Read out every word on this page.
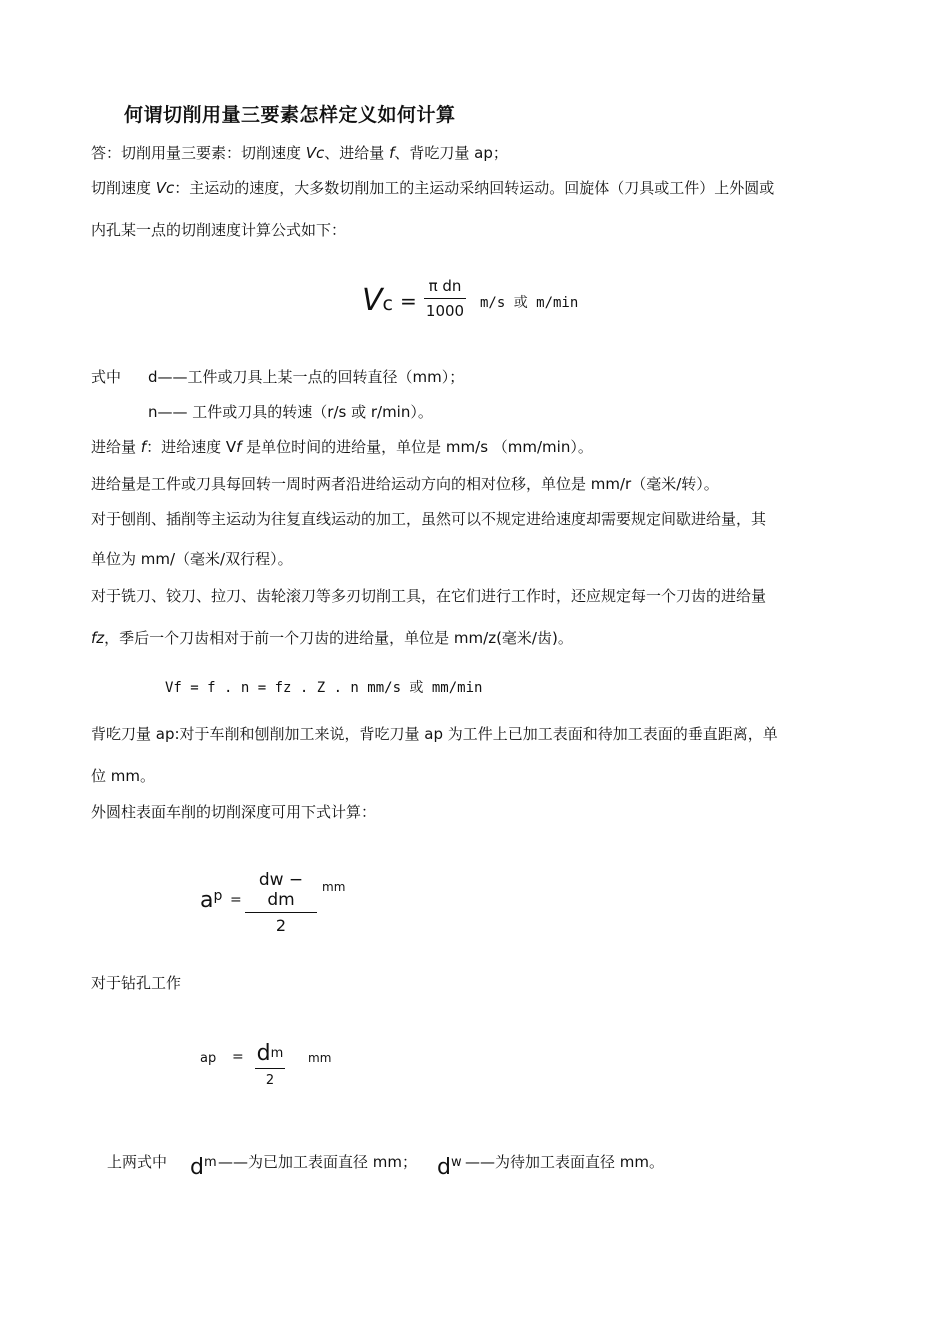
何谓切削用量三要素怎样定义如何计算
答：切削用量三要素：切削速度 Vc、进给量 f、背吃刀量 ap；
切削速度 Vc：主运动的速度，大多数切削加工的主运动采纳回转运动。回旋体（刀具或工件）上外圆或
内孔某一点的切削速度计算公式如下：
Vc =
π dn
1000 m/s 或 m/min
式中 d——工件或刀具上某一点的回转直径（mm）；
n—— 工件或刀具的转速（r/s 或 r/min）。
进给量 f：进给速度 Vf 是单位时间的进给量，单位是 mm/s （mm/min）。
进给量是工件或刀具每回转一周时两者沿进给运动方向的相对位移，单位是 mm/r（毫米/转）。
对于刨削、插削等主运动为往复直线运动的加工，虽然可以不规定进给速度却需要规定间歇进给量，其
单位为 mm/（毫米/双行程）。
对于铣刀、铰刀、拉刀、齿轮滚刀等多刃切削工具，在它们进行工作时，还应规定每一个刀齿的进给量
fz，季后一个刀齿相对于前一个刀齿的进给量，单位是 mm/z(毫米/齿)。
Vf = f . n = fz . Z . n mm/s 或 mm/min
背吃刀量 ap:对于车削和刨削加工来说，背吃刀量 ap 为工件上已加工表面和待加工表面的垂直距离，单
位 mm。
外圆柱表面车削的切削深度可用下式计算：
$a^p$ =
dw − dm
2
mm
对于钻孔工作
ap = $d^m$
2
mm
上两式中 $d^m$ ——为已加工表面直径 mm； $d^w$ ——为待加工表面直径 mm。
